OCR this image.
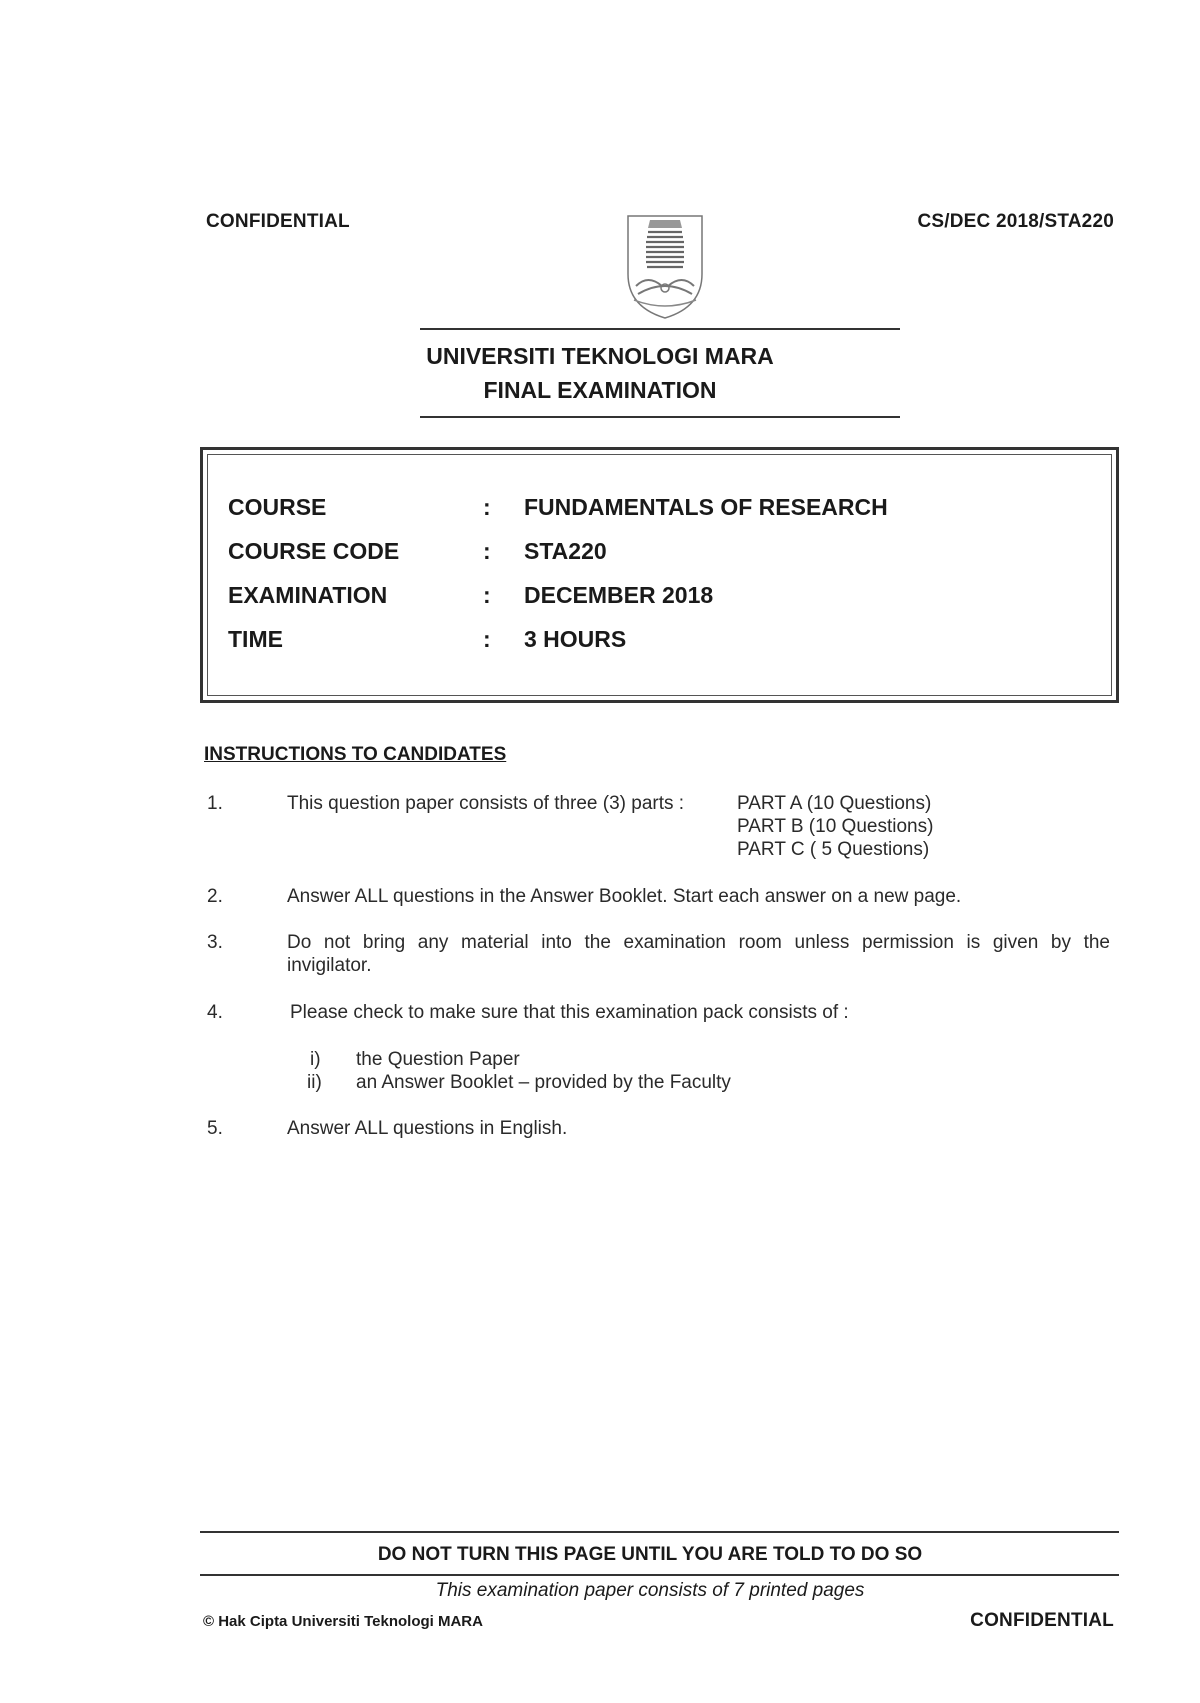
CONFIDENTIAL	CS/DEC 2018/STA220
UNIVERSITI TEKNOLOGI MARA
FINAL EXAMINATION
COURSE	: FUNDAMENTALS OF RESEARCH
COURSE CODE	: STA220
EXAMINATION	: DECEMBER 2018
TIME	: 3 HOURS
INSTRUCTIONS TO CANDIDATES
1.	This question paper consists of three (3) parts :	PART A (10 Questions)
PART B (10 Questions)
PART C ( 5 Questions)
2.	Answer ALL questions in the Answer Booklet. Start each answer on a new page.
3.	Do not bring any material into the examination room unless permission is given by the
invigilator.
4.	Please check to make sure that this examination pack consists of :
i) the Question Paper
ii) an Answer Booklet – provided by the Faculty
5.	Answer ALL questions in English.
DO NOT TURN THIS PAGE UNTIL YOU ARE TOLD TO DO SO
This examination paper consists of 7 printed pages
© Hak Cipta Universiti Teknologi MARA	CONFIDENTIAL
